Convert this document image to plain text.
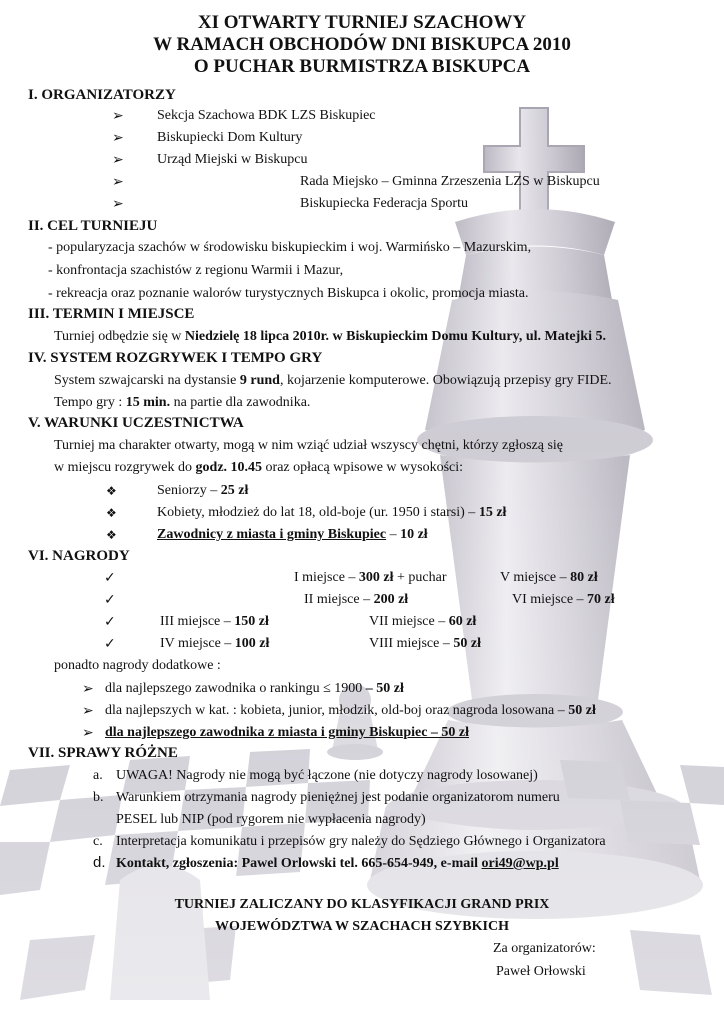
XI OTWARTY TURNIEJ SZACHOWY
W RAMACH OBCHODÓW DNI BISKUPCA 2010
O PUCHAR BURMISTRZA BISKUPCA
I. ORGANIZATORZY
➢ Sekcja Szachowa BDK LZS Biskupiec
➢ Biskupiecki Dom Kultury
➢ Urząd Miejski w Biskupcu
➢	Rada Miejsko – Gminna Zrzeszenia LZS w Biskupcu
➢	Biskupiecka Federacja Sportu
II. CEL TURNIEJU
- popularyzacja szachów w środowisku biskupieckim i woj. Warmińsko – Mazurskim,
- konfrontacja szachistów z regionu Warmii i Mazur,
- rekreacja oraz poznanie walorów turystycznych Biskupca i okolic, promocja miasta.
III. TERMIN I MIEJSCE
Turniej odbędzie się w Niedzielę 18 lipca 2010r. w Biskupieckim Domu Kultury, ul. Matejki 5.
IV. SYSTEM ROZGRYWEK I TEMPO GRY
System szwajcarski na dystansie 9 rund, kojarzenie komputerowe. Obowiązują przepisy gry FIDE.
Tempo gry : 15 min. na partie dla zawodnika.
V. WARUNKI UCZESTNICTWA
Turniej ma charakter otwarty, mogą w nim wziąć udział wszyscy chętni, którzy zgłoszą się
w miejscu rozgrywek do godz. 10.45 oraz opłacą wpisowe w wysokości:
❖	Seniorzy – 25 zł
❖	Kobiety, młodzież do lat 18, old-boje (ur. 1950 i starsi) – 15 zł
❖	Zawodnicy z miasta i gminy Biskupiec – 10 zł
VI. NAGRODY
✓	I miejsce – 300 zł + puchar	V miejsce – 80 zł
✓	II miejsce – 200 zł	VI miejsce – 70 zł
✓	III miejsce – 150 zł	VII miejsce – 60 zł
✓	IV miejsce – 100 zł	VIII miejsce – 50 zł
ponadto nagrody dodatkowe :
➢ dla najlepszego zawodnika o rankingu ≤ 1900 – 50 zł
➢ dla najlepszych w kat. : kobieta, junior, młodzik, old-boj oraz nagroda losowana – 50 zł
➢ dla najlepszego zawodnika z miasta i gminy Biskupiec – 50 zł
VII. SPRAWY RÓŻNE
a. UWAGA! Nagrody nie mogą być łączone (nie dotyczy nagrody losowanej)
b. Warunkiem otrzymania nagrody pieniężnej jest podanie organizatorom numeru
PESEL lub NIP (pod rygorem nie wypłacenia nagrody)
c. Interpretacja komunikatu i przepisów gry należy do Sędziego Głównego i Organizatora
d. Kontakt, zgłoszenia: Pawel Orlowski tel. 665-654-949, e-mail ori49@wp.pl
TURNIEJ ZALICZANY DO KLASYFIKACJI GRAND PRIX
WOJEWÓDZTWA W SZACHACH SZYBKICH
Za organizatorów:
Paweł Orłowski
